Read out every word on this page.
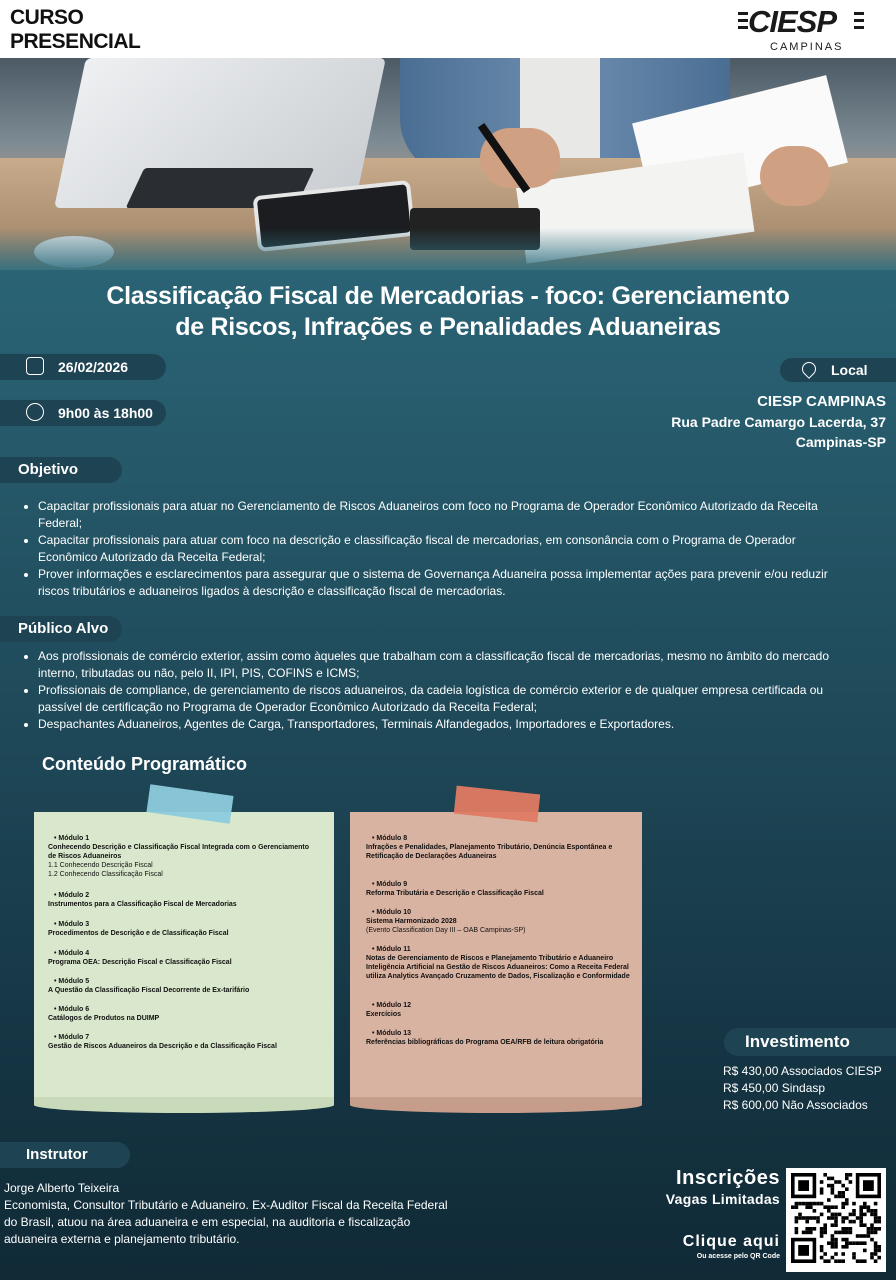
CURSO
PRESENCIAL
CIESP
CAMPINAS
Classificação Fiscal de Mercadorias - foco: Gerenciamento
de Riscos, Infrações e Penalidades Aduaneiras
26/02/2026
9h00 às 18h00
Local
CIESP CAMPINAS
Rua Padre Camargo Lacerda, 37
Campinas-SP
Objetivo
• Capacitar profissionais para atuar no Gerenciamento de Riscos Aduaneiros com foco no Programa de Operador Econômico Autorizado da Receita Federal;
• Capacitar profissionais para atuar com foco na descrição e classificação fiscal de mercadorias, em consonância com o Programa de Operador Econômico Autorizado da Receita Federal;
• Prover informações e esclarecimentos para assegurar que o sistema de Governança Aduaneira possa implementar ações para prevenir e/ou reduzir riscos tributários e aduaneiros ligados à descrição e classificação fiscal de mercadorias.
Público Alvo
• Aos profissionais de comércio exterior, assim como àqueles que trabalham com a classificação fiscal de mercadorias, mesmo no âmbito do mercado interno, tributadas ou não, pelo II, IPI, PIS, COFINS e ICMS;
• Profissionais de compliance, de gerenciamento de riscos aduaneiros, da cadeia logística de comércio exterior e de qualquer empresa certificada ou passível de certificação no Programa de Operador Econômico Autorizado da Receita Federal;
• Despachantes Aduaneiros, Agentes de Carga, Transportadores, Terminais Alfandegados, Importadores e Exportadores.
Conteúdo Programático
• Módulo 1
Conhecendo Descrição e Classificação Fiscal Integrada com o Gerenciamento de Riscos Aduaneiros
1.1 Conhecendo Descrição Fiscal
1.2 Conhecendo Classificação Fiscal
• Módulo 2
Instrumentos para a Classificação Fiscal de Mercadorias
• Módulo 3
Procedimentos de Descrição e de Classificação Fiscal
• Módulo 4
Programa OEA: Descrição Fiscal e Classificação Fiscal
• Módulo 5
A Questão da Classificação Fiscal Decorrente de Ex-tarifário
• Módulo 6
Catálogos de Produtos na DUIMP
• Módulo 7
Gestão de Riscos Aduaneiros da Descrição e da Classificação Fiscal
• Módulo 8
Infrações e Penalidades, Planejamento Tributário, Denúncia Espontânea e Retificação de Declarações Aduaneiras
• Módulo 9
Reforma Tributária e Descrição e Classificação Fiscal
• Módulo 10
Sistema Harmonizado 2028
(Evento Classification Day III – OAB Campinas-SP)
• Módulo 11
Notas de Gerenciamento de Riscos e Planejamento Tributário e Aduaneiro Inteligência Artificial na Gestão de Riscos Aduaneiros: Como a Receita Federal utiliza Analytics Avançado Cruzamento de Dados, Fiscalização e Conformidade
• Módulo 12
Exercícios
• Módulo 13
Referências bibliográficas do Programa OEA/RFB de leitura obrigatória	Investimento
R$ 430,00 Associados CIESP
R$ 450,00 Sindasp
R$ 600,00 Não Associados
Instrutor
Jorge Alberto Teixeira
Economista, Consultor Tributário e Aduaneiro. Ex-Auditor Fiscal da Receita Federal do Brasil, atuou na área aduaneira e em especial, na auditoria e fiscalização aduaneira externa e planejamento tributário.
Inscrições
Vagas Limitadas
Clique aqui
Ou acesse pelo QR Code
